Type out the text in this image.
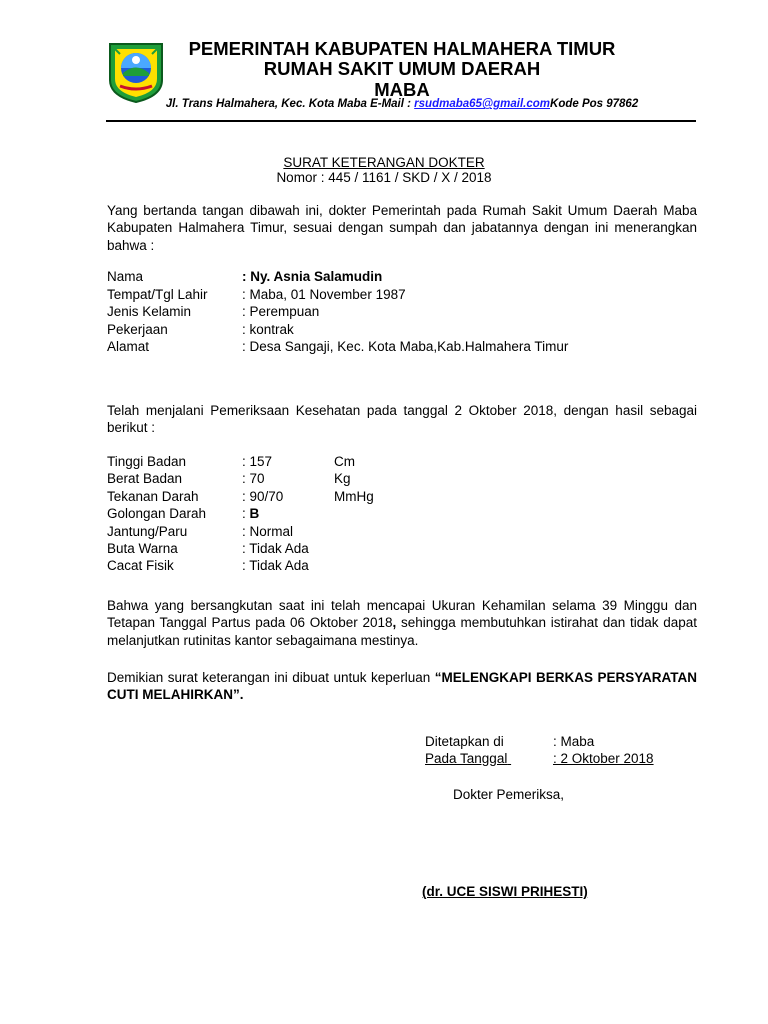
PEMERINTAH KABUPATEN HALMAHERA TIMUR
RUMAH SAKIT UMUM DAERAH
MABA
Jl. Trans Halmahera, Kec. Kota Maba E-Mail : rsudmaba65@gmail.comKode Pos 97862
SURAT KETERANGAN DOKTER
Nomor : 445 / 1161 / SKD / X / 2018
Yang bertanda tangan dibawah ini, dokter Pemerintah pada Rumah Sakit Umum Daerah Maba Kabupaten Halmahera Timur, sesuai dengan sumpah dan jabatannya dengan ini menerangkan bahwa :
Nama	: Ny. Asnia Salamudin
Tempat/Tgl Lahir	: Maba, 01 November 1987
Jenis Kelamin	: Perempuan
Pekerjaan	: kontrak
Alamat	: Desa Sangaji, Kec. Kota Maba,Kab.Halmahera Timur
Telah menjalani Pemeriksaan Kesehatan pada tanggal 2 Oktober 2018, dengan hasil sebagai berikut :
Tinggi Badan	: 157	Cm
Berat Badan	: 70	Kg
Tekanan Darah	: 90/70	MmHg
Golongan Darah	: B
Jantung/Paru	: Normal
Buta Warna	: Tidak Ada
Cacat Fisik	: Tidak Ada
Bahwa yang bersangkutan saat ini telah mencapai Ukuran Kehamilan selama 39 Minggu dan Tetapan Tanggal Partus pada 06 Oktober 2018, sehingga membutuhkan istirahat dan tidak dapat melanjutkan rutinitas kantor sebagaimana mestinya.
Demikian surat keterangan ini dibuat untuk keperluan “MELENGKAPI BERKAS PERSYARATAN CUTI MELAHIRKAN”.
Ditetapkan di	: Maba
Pada Tanggal	: 2 Oktober 2018
Dokter Pemeriksa,
(dr. UCE SISWI PRIHESTI)
